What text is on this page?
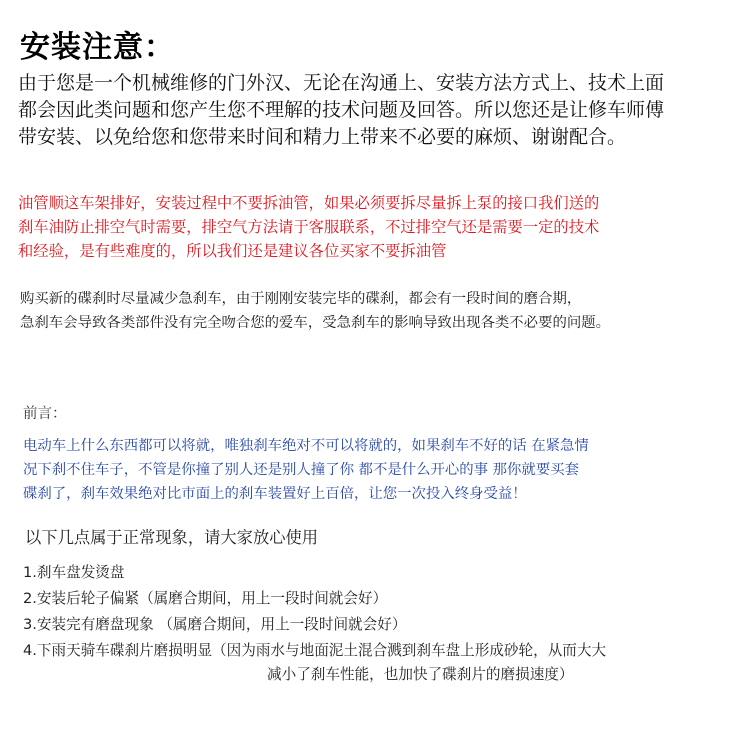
安装注意：
由于您是一个机械维修的门外汉、无论在沟通上、安装方法方式上、技术上面
都会因此类问题和您产生您不理解的技术问题及回答。所以您还是让修车师傅
带安装、以免给您和您带来时间和精力上带来不必要的麻烦、谢谢配合。
油管顺这车架排好，安装过程中不要拆油管，如果必须要拆尽量拆上泵的接口我们送的
刹车油防止排空气时需要，排空气方法请于客服联系，不过排空气还是需要一定的技术
和经验，是有些难度的，所以我们还是建议各位买家不要拆油管
购买新的碟刹时尽量减少急刹车，由于刚刚安装完毕的碟刹，都会有一段时间的磨合期，
急刹车会导致各类部件没有完全吻合您的爱车，受急刹车的影响导致出现各类不必要的问题。
前言：
电动车上什么东西都可以将就，唯独刹车绝对不可以将就的，如果刹车不好的话 在紧急情
况下刹不住车子，不管是你撞了别人还是别人撞了你 都不是什么开心的事 那你就要买套
碟刹了，刹车效果绝对比市面上的刹车装置好上百倍，让您一次投入终身受益！
以下几点属于正常现象，请大家放心使用
1.刹车盘发烫盘
2.安装后轮子偏紧（属磨合期间，用上一段时间就会好）
3.安装完有磨盘现象 （属磨合期间，用上一段时间就会好）
4.下雨天骑车碟刹片磨损明显（因为雨水与地面泥土混合溅到刹车盘上形成砂轮，从而大大
减小了刹车性能，也加快了碟刹片的磨损速度）
